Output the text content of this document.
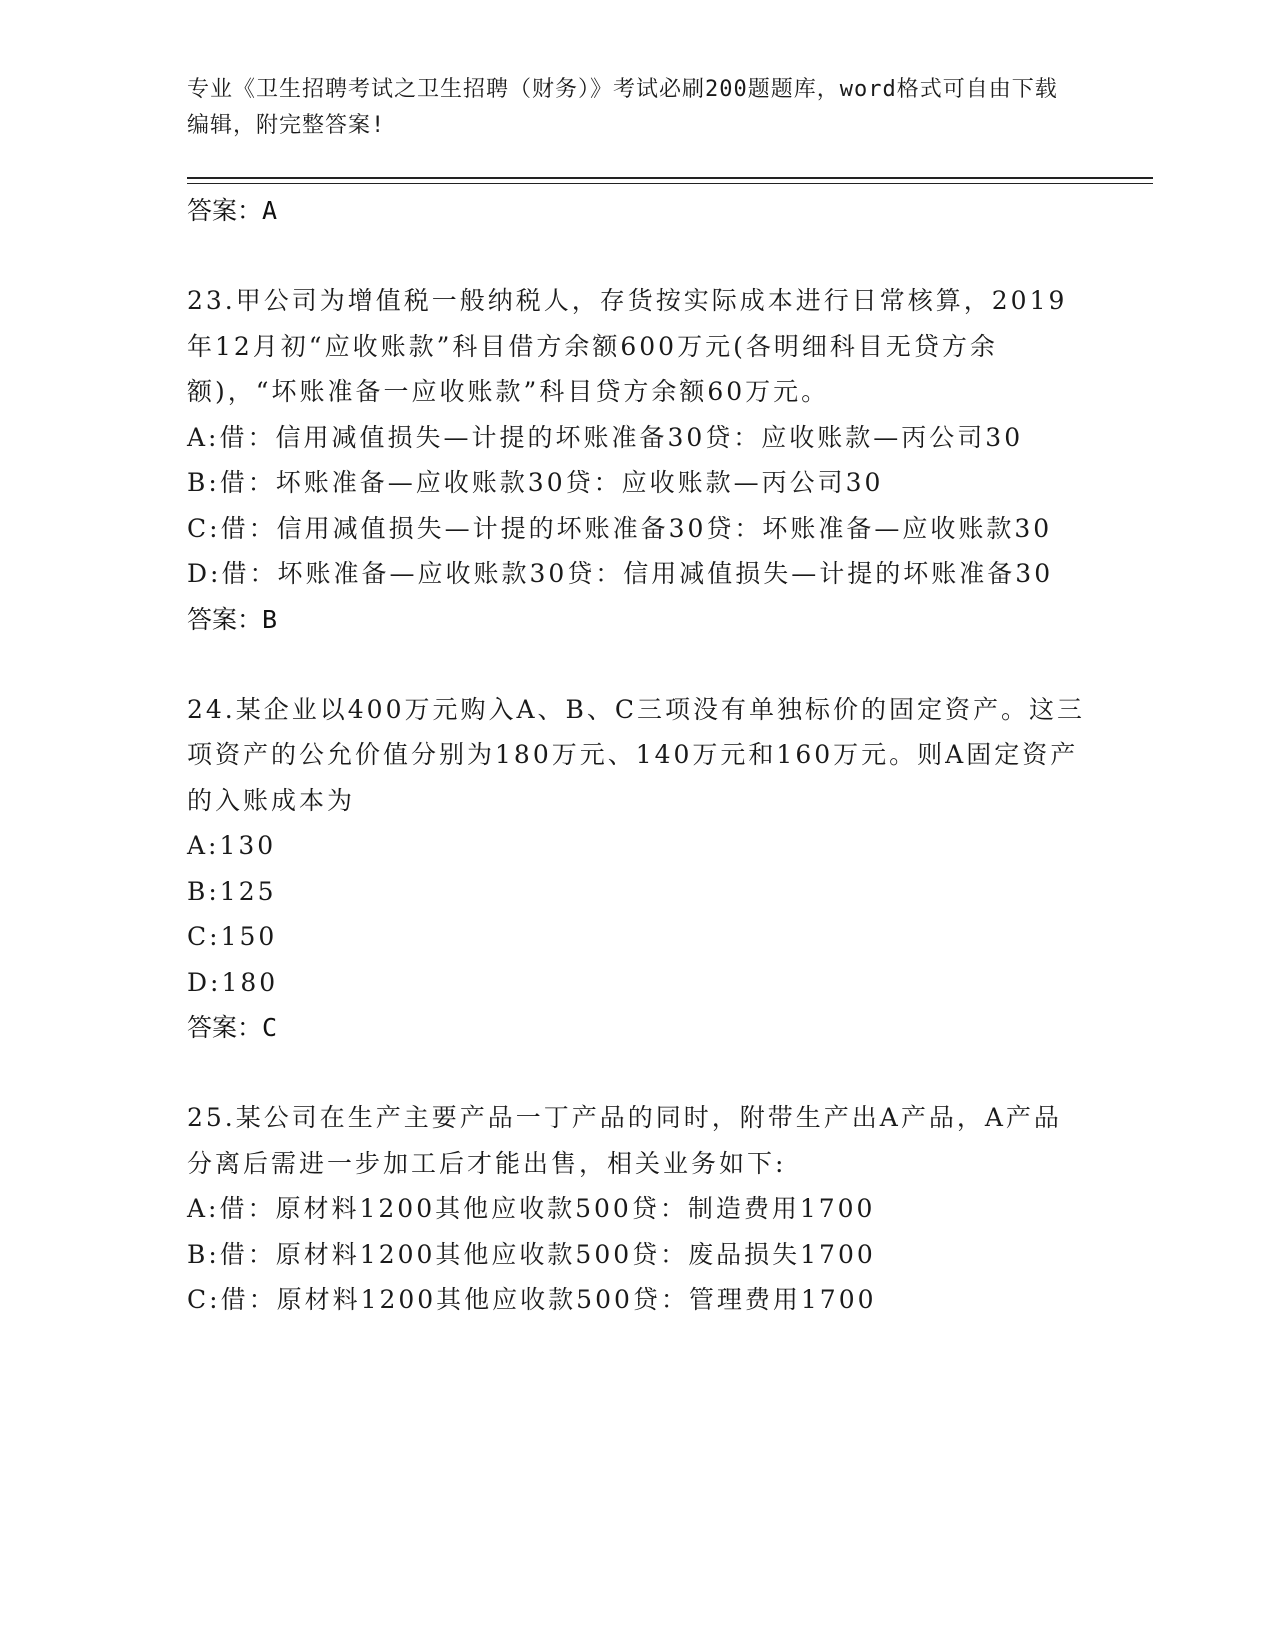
专业《卫生招聘考试之卫生招聘（财务）》考试必刷200题题库，word格式可自由下载编辑，附完整答案!
答案：A
23.甲公司为增值税一般纳税人，存货按实际成本进行日常核算，2019年12月初“应收账款”科目借方余额600万元(各明细科目无贷方余额)，“坏账准备一应收账款”科目贷方余额60万元。
A:借：信用减值损失—计提的坏账准备30贷：应收账款—丙公司30
B:借：坏账准备—应收账款30贷：应收账款—丙公司30
C:借：信用减值损失—计提的坏账准备30贷：坏账准备—应收账款30
D:借：坏账准备—应收账款30贷：信用减值损失—计提的坏账准备30
答案：B
24.某企业以400万元购入A、B、C三项没有单独标价的固定资产。这三项资产的公允价值分别为180万元、140万元和160万元。则A固定资产的入账成本为
A:130
B:125
C:150
D:180
答案：C
25.某公司在生产主要产品一丁产品的同时，附带生产出A产品，A产品分离后需进一步加工后才能出售，相关业务如下:
A:借：原材料1200其他应收款500贷：制造费用1700
B:借：原材料1200其他应收款500贷：废品损失1700
C:借：原材料1200其他应收款500贷：管理费用1700
